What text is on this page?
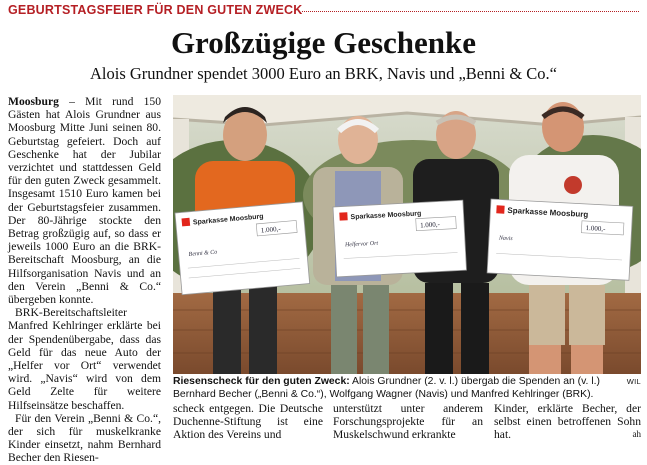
GEBURTSTAGSFEIER FÜR DEN GUTEN ZWECK
Großzügige Geschenke
Alois Grundner spendet 3000 Euro an BRK, Navis und „Benni & Co.“

Moosburg – Mit rund 150 Gästen hat Alois Grundner aus Moosburg Mitte Juni seinen 80. Geburtstag gefeiert. Doch auf Geschenke hat der Jubilar verzichtet und stattdessen Geld für den guten Zweck gesammelt. Insgesamt 1510 Euro kamen bei der Geburtstagsfeier zusammen. Der 80-Jährige stockte den Betrag großzügig auf, so dass er jeweils 1000 Euro an die BRK-Bereitschaft Moosburg, an die Hilfsorganisation Navis und an den Verein „Benni & Co.“ übergeben konnte.

BRK-Bereitschaftsleiter Manfred Kehlringer erklärte bei der Spendenübergabe, dass das Geld für das neue Auto der „Helfer vor Ort“ verwendet wird. „Navis“ wird von dem Geld Zelte für weitere Hilfseinsätze beschaffen.

Für den Verein „Benni & Co.“, der sich für muskelkranke Kinder einsetzt, nahm Bernhard Becher den Riesen-

Sparkasse Moosburg
1.000,-
Benni & Co
Sparkasse Moosburg
1.000,-
Helfervor Ort
Sparkasse Moosburg
1.000,-
Navis
WIL
Riesenscheck für den guten Zweck: Alois Grundner (2. v. l.) übergab die Spenden an (v. l.) Bernhard Becher („Benni & Co.“), Wolfgang Wagner (Navis) und Manfred Kehlringer (BRK).

scheck entgegen. Die Deutsche Duchenne-Stiftung ist eine Aktion des Vereins und

unterstützt unter anderem Forschungsprojekte für an Muskelschwund erkrankte

Kinder, erklärte Becher, der selbst einen betroffenen Sohn hat.	ah
